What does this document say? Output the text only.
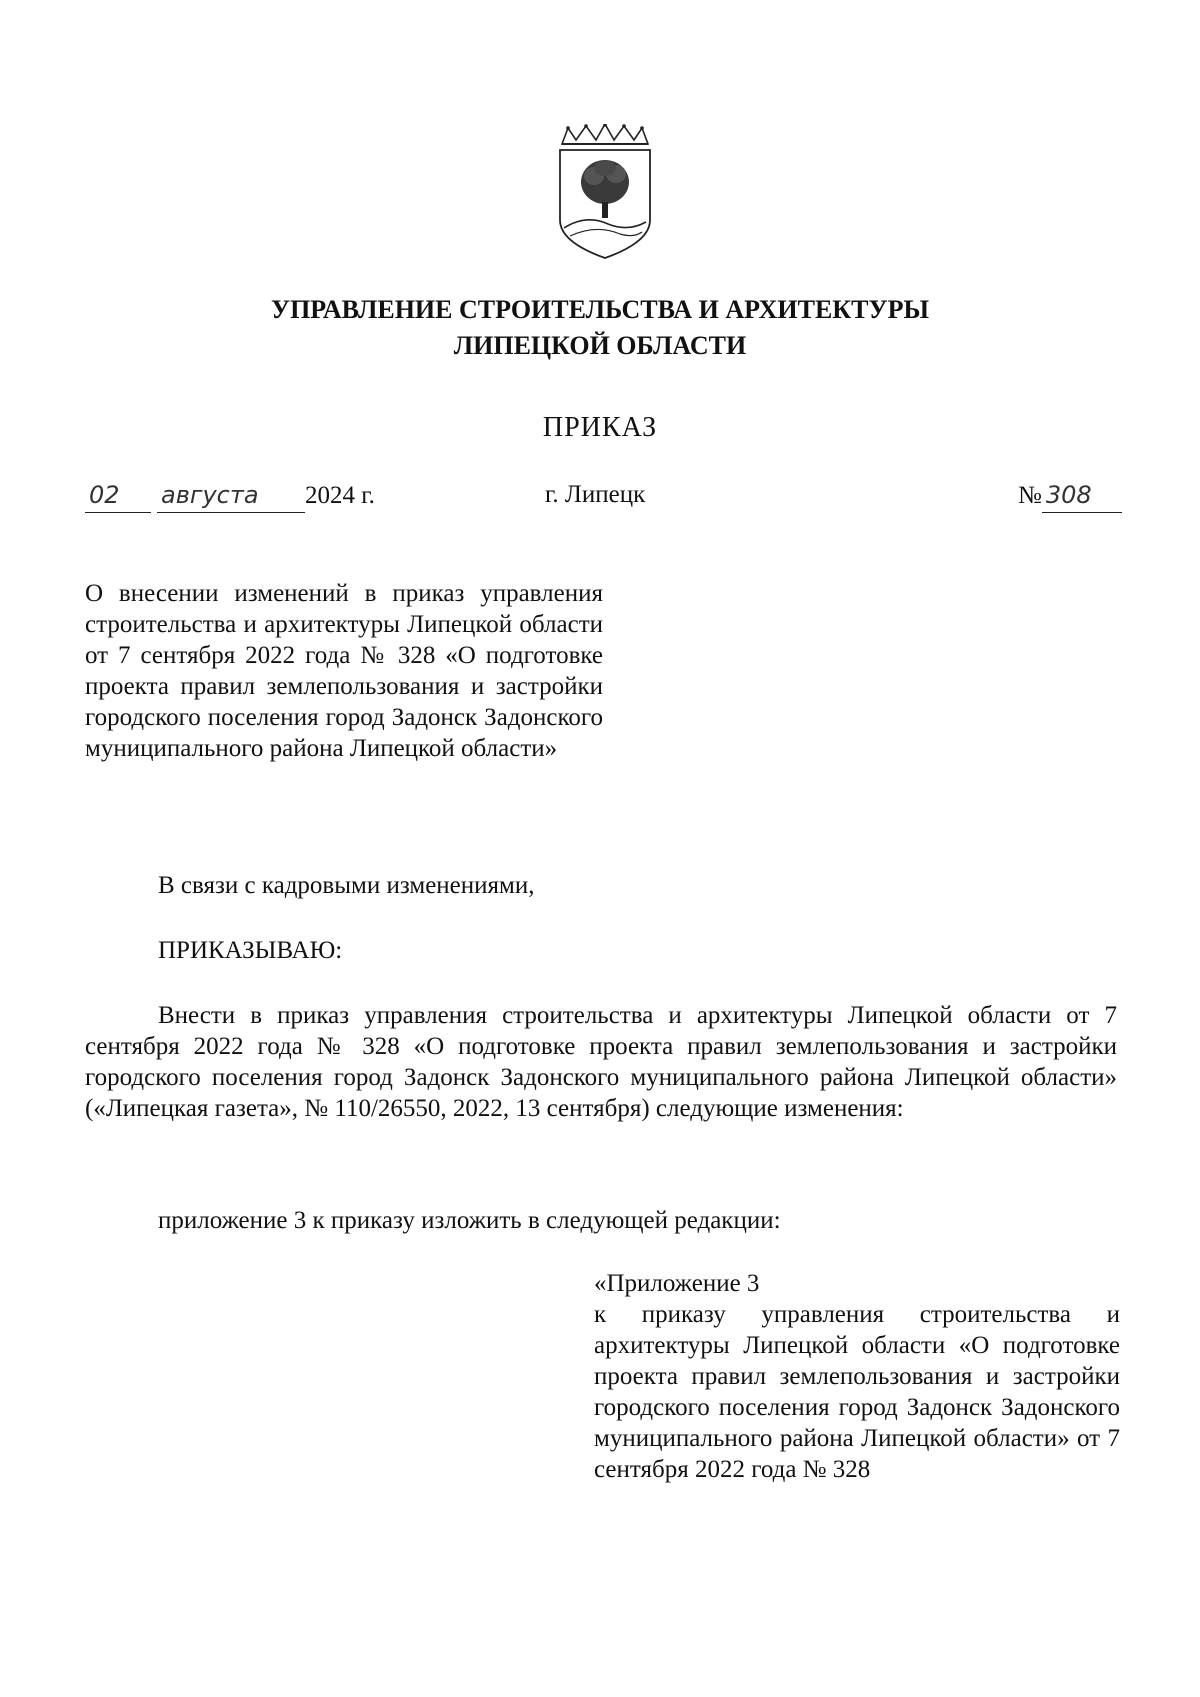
УПРАВЛЕНИЕ СТРОИТЕЛЬСТВА И АРХИТЕКТУРЫ
ЛИПЕЦКОЙ ОБЛАСТИ
ПРИКАЗ
02 августа 2024 г.	г. Липецк	№ 308
О внесении изменений в приказ управления строительства и архитектуры Липецкой области от 7 сентября 2022 года № 328 «О подготовке проекта правил землепользования и застройки городского поселения город Задонск Задонского муниципального района Липецкой области»
В связи с кадровыми изменениями,
ПРИКАЗЫВАЮ:
Внести в приказ управления строительства и архитектуры Липецкой области от 7 сентября 2022 года № 328 «О подготовке проекта правил землепользования и застройки городского поселения город Задонск Задонского муниципального района Липецкой области» («Липецкая газета», № 110/26550, 2022, 13 сентября) следующие изменения:
приложение 3 к приказу изложить в следующей редакции:
«Приложение 3
к приказу управления строительства и архитектуры Липецкой области «О подготовке проекта правил землепользования и застройки городского поселения город Задонск Задонского муниципального района Липецкой области» от 7 сентября 2022 года № 328
